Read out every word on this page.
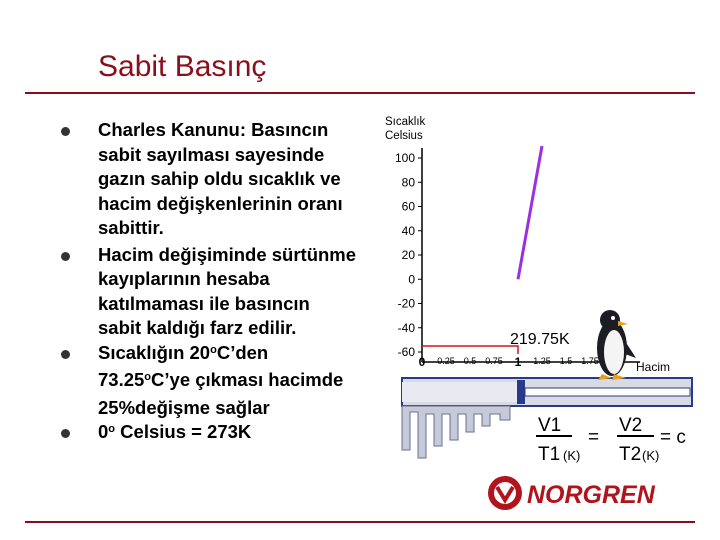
Sabit Basınç
Charles Kanunu: Basıncın sabit sayılması sayesinde gazın sahip oldu sıcaklık ve hacim değişkenlerinin oranı sabittir.
Hacim değişiminde sürtünme kayıplarının hesaba katılmaması ile basıncın sabit kaldığı farz edilir.
Sıcaklığın 20$^o$C’den 73.25$^o$C’ye çıkması hacimde 25%değişme sağlar
0$^o$ Celsius = 273K
Sıcaklık
Celsius
100
80
60
40
20
0
-20
-40
-60
0 0.25 0.5 0.75 1 1.25 1.5 1.75
219.75K
Hacim
V1
T1 (K)
=
V2
T2 (K)
= c
NORGREN
